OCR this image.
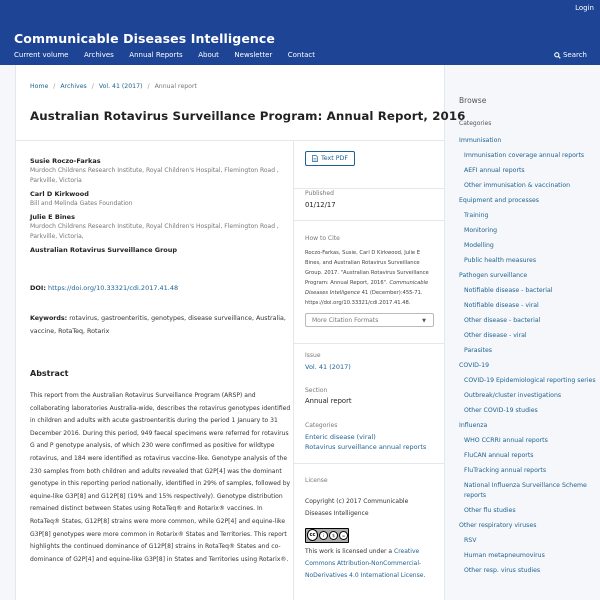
Login
Communicable Diseases Intelligence
Current volume Archives Annual Reports About Newsletter Contact	Search
Home / Archives / Vol. 41 (2017) / Annual report
Australian Rotavirus Surveillance Program: Annual Report, 2016
Susie Roczo-Farkas
Murdoch Childrens Research Institute, Royal Children's Hospital, Flemington Road , Parkville, Victoria
Carl D Kirkwood
Bill and Melinda Gates Foundation
Julie E Bines
Murdoch Childrens Research Institute, Royal Children's Hospital, Flemington Road , Parkville, Victoria,
Australian Rotavirus Surveillance Group
DOI: https://doi.org/10.33321/cdi.2017.41.48
Keywords: rotavirus, gastroenteritis, genotypes, disease surveillance, Australia, vaccine, RotaTeq, Rotarix
Abstract

This report from the Australian Rotavirus Surveillance Program (ARSP) and collaborating laboratories Australia-wide, describes the rotavirus genotypes identified in children and adults with acute gastroenteritis during the period 1 January to 31 December 2016. During this period, 949 faecal specimens were referred for rotavirus G and P genotype analysis, of which 230 were confirmed as positive for wildtype rotavirus, and 184 were identified as rotavirus vaccine-like. Genotype analysis of the 230 samples from both children and adults revealed that G2P[4] was the dominant genotype in this reporting period nationally, identified in 29% of samples, followed by equine-like G3P[8] and G12P[8] (19% and 15% respectively). Genotype distribution remained distinct between States using RotaTeq® and Rotarix® vaccines. In RotaTeq® States, G12P[8] strains were more common, while G2P[4] and equine-like G3P[8] genotypes were more common in Rotarix® States and Territories. This report highlights the continued dominance of G12P[8] strains in RotaTeq® States and co-dominance of G2P[4] and equine-like G3P[8] in States and Territories using Rotarix®.

Text PDF
Published
01/12/17
How to Cite
Roczo-Farkas, Susie, Carl D Kirkwood, Julie E Bines, and Australian Rotavirus Surveillance Group. 2017. "Australian Rotavirus Surveillance Program: Annual Report, 2016". Communicable Diseases Intelligence 41 (December):455-71. https://doi.org/10.33321/cdi.2017.41.48.
More Citation Formats	▼
Issue
Vol. 41 (2017)
Section
Annual report
Categories
Enteric disease (viral)
Rotavirus surveillance annual reports
License
Copyright (c) 2017 Communicable Diseases Intelligence
cc	i	$	=
This work is licensed under a Creative Commons Attribution-NonCommercial-NoDerivatives 4.0 International License.
Browse
Categories
Immunisation
Immunisation coverage annual reports
AEFI annual reports
Other immunisation & vaccination
Equipment and processes
Training
Monitoring
Modelling
Public health measures
Pathogen surveillance
Notifiable disease - bacterial
Notifiable disease - viral
Other disease - bacterial
Other disease - viral
Parasites
COVID-19
COVID-19 Epidemiological reporting series
Outbreak/cluster investigations
Other COVID-19 studies
Influenza
WHO CCRRI annual reports
FluCAN annual reports
FluTracking annual reports
National Influenza Surveillance Scheme reports
Other flu studies
Other respiratory viruses
RSV
Human metapneumovirus
Other resp. virus studies
